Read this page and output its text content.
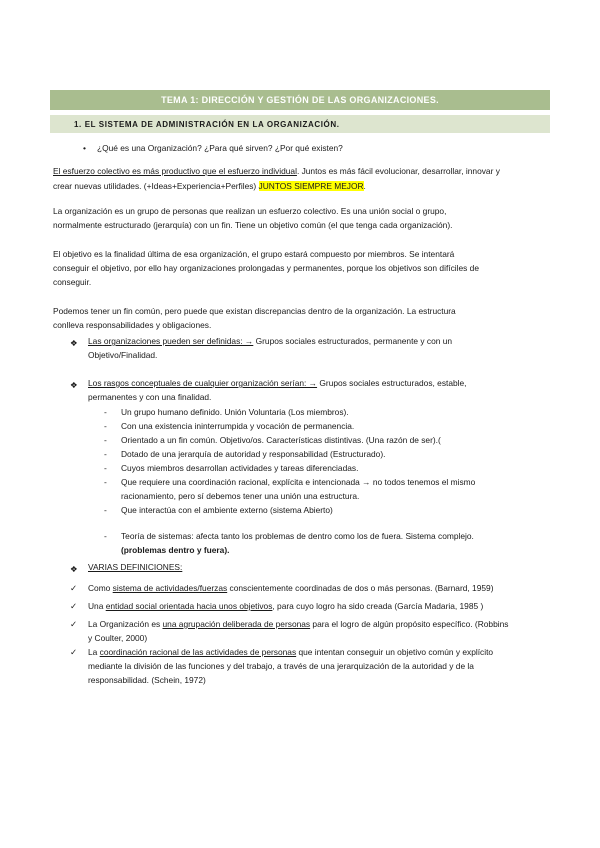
TEMA 1: DIRECCIÓN Y GESTIÓN DE LAS ORGANIZACIONES.
1. EL SISTEMA DE ADMINISTRACIÓN EN LA ORGANIZACIÓN.
• ¿Qué es una Organización? ¿Para qué sirven? ¿Por qué existen?
El esfuerzo colectivo es más productivo que el esfuerzo individual. Juntos es más fácil evolucionar, desarrollar, innovar y
crear nuevas utilidades. (+Ideas+Experiencia+Perfiles) JUNTOS SIEMPRE MEJOR.
La organización es un grupo de personas que realizan un esfuerzo colectivo. Es una unión social o grupo,
normalmente estructurado (jerarquía) con un fin. Tiene un objetivo común (el que tenga cada organización).
El objetivo es la finalidad última de esa organización, el grupo estará compuesto por miembros. Se intentará
conseguir el objetivo, por ello hay organizaciones prolongadas y permanentes, porque los objetivos son difíciles de
conseguir.
Podemos tener un fin común, pero puede que existan discrepancias dentro de la organización. La estructura
conlleva responsabilidades y obligaciones.
❖ Las organizaciones pueden ser definidas: → Grupos sociales estructurados, permanente y con un
Objetivo/Finalidad.
❖ Los rasgos conceptuales de cualquier organización serían: → Grupos sociales estructurados, estable,
permanentes y con una finalidad.
- Un grupo humano definido. Unión Voluntaria (Los miembros).
- Con una existencia ininterrumpida y vocación de permanencia.
- Orientado a un fin común. Objetivo/os. Características distintivas. (Una razón de ser).(
- Dotado de una jerarquía de autoridad y responsabilidad (Estructurado).
- Cuyos miembros desarrollan actividades y tareas diferenciadas.
- Que requiere una coordinación racional, explícita e intencionada → no todos tenemos el mismo
racionamiento, pero sí debemos tener una unión una estructura.
- Que interactúa con el ambiente externo (sistema Abierto)
- Teoría de sistemas: afecta tanto los problemas de dentro como los de fuera. Sistema complejo.
(problemas dentro y fuera).
❖ VARIAS DEFINICIONES:
✓ Como sistema de actividades/fuerzas conscientemente coordinadas de dos o más personas. (Barnard, 1959)
✓ Una entidad social orientada hacia unos objetivos, para cuyo logro ha sido creada (García Madaria, 1985 )
✓ La Organización es una agrupación deliberada de personas para el logro de algún propósito específico. (Robbins
y Coulter, 2000)
✓ La coordinación racional de las actividades de personas que intentan conseguir un objetivo común y explícito
mediante la división de las funciones y del trabajo, a través de una jerarquización de la autoridad y de la
responsabilidad. (Schein, 1972)
